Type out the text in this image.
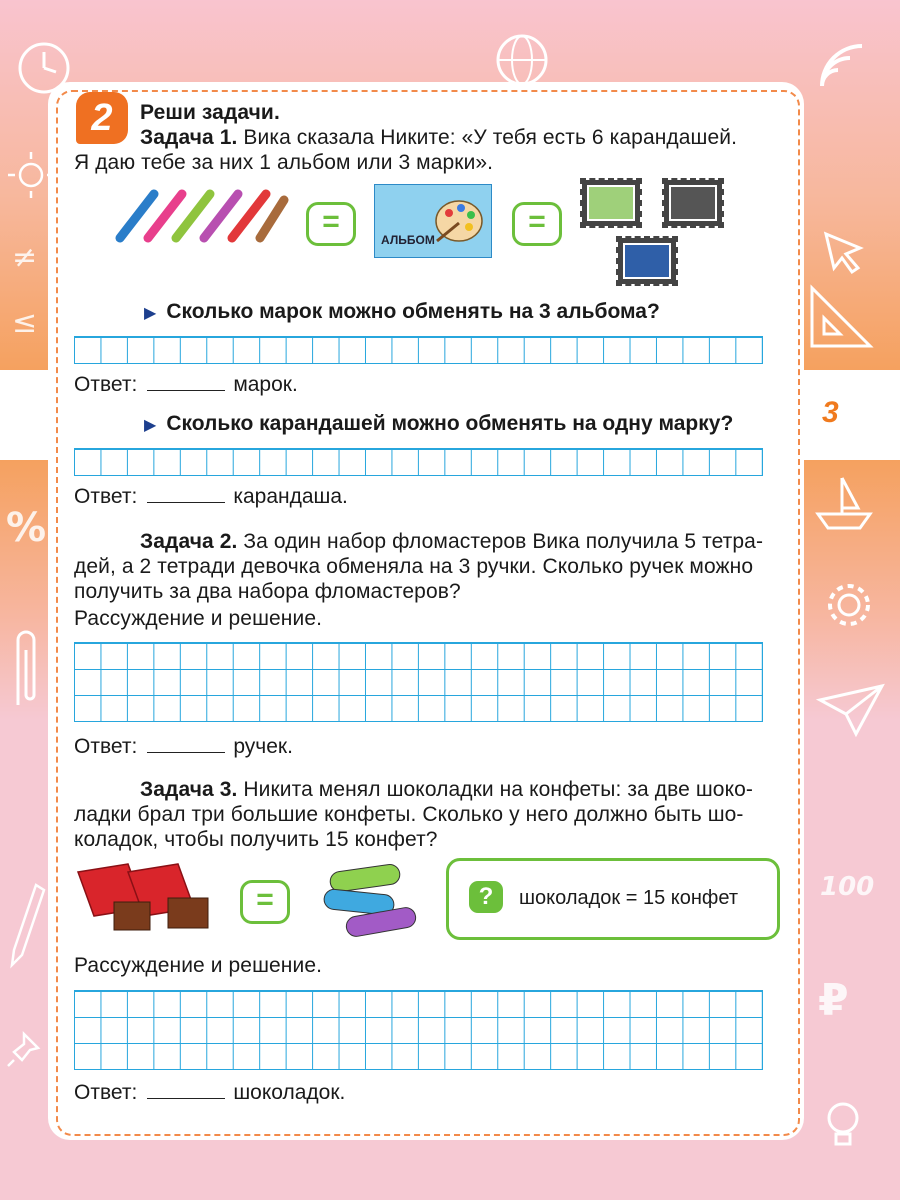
≠
≤
%
100
₽
3
2	Реши задачи.
Задача 1. Вика сказала Никите: «У тебя есть 6 карандашей.
Я даю тебе за них 1 альбом или 3 марки».
=
АЛЬБОМ
=
▶ Сколько марок можно обменять на 3 альбома?
Ответ:	марок.
▶ Сколько карандашей можно обменять на одну марку?
Ответ:	карандаша.
Задача 2. За один набор фломастеров Вика получила 5 тетра-
дей, а 2 тетради девочка обменяла на 3 ручки. Сколько ручек можно
получить за два набора фломастеров?
Рассуждение и решение.
Ответ:	ручек.
Задача 3. Никита менял шоколадки на конфеты: за две шоко-
ладки брал три большие конфеты. Сколько у него должно быть шо-
коладок, чтобы получить 15 конфет?
=	?	шоколадок = 15 конфет
Рассуждение и решение.
Ответ:	шоколадок.
